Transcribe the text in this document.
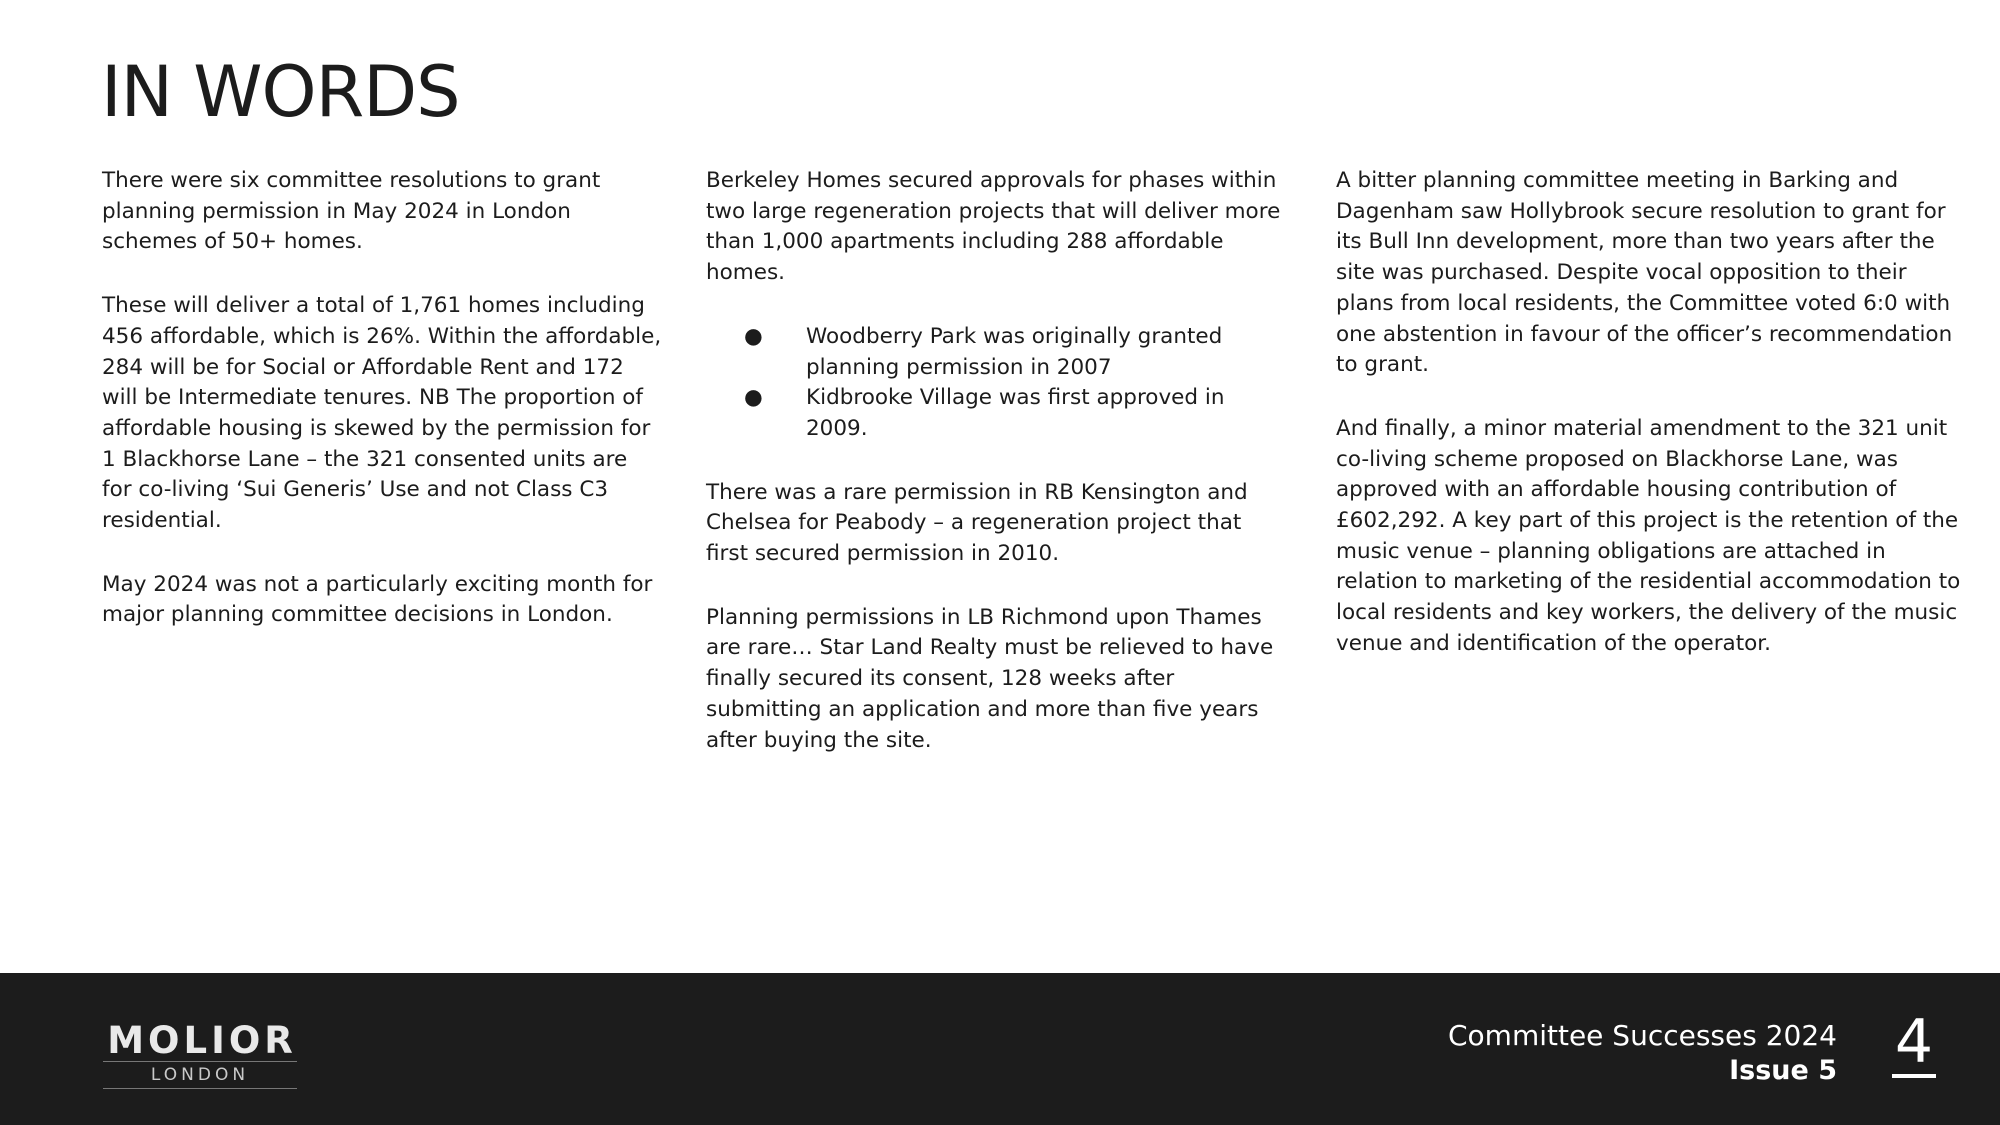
IN WORDS

There were six committee resolutions to grant planning permission in May 2024 in London schemes of 50+ homes.

These will deliver a total of 1,761 homes including 456 affordable, which is 26%. Within the affordable, 284 will be for Social or Affordable Rent and 172 will be Intermediate tenures. NB The proportion of affordable housing is skewed by the permission for 1 Blackhorse Lane – the 321 consented units are for co-living ‘Sui Generis’ Use and not Class C3 residential.

May 2024 was not a particularly exciting month for major planning committee decisions in London.

Berkeley Homes secured approvals for phases within two large regeneration projects that will deliver more than 1,000 apartments including 288 affordable homes.

● Woodberry Park was originally granted planning permission in 2007
● Kidbrooke Village was first approved in 2009.

There was a rare permission in RB Kensington and Chelsea for Peabody – a regeneration project that first secured permission in 2010.

Planning permissions in LB Richmond upon Thames are rare… Star Land Realty must be relieved to have finally secured its consent, 128 weeks after submitting an application and more than five years after buying the site.

A bitter planning committee meeting in Barking and Dagenham saw Hollybrook secure resolution to grant for its Bull Inn development, more than two years after the site was purchased. Despite vocal opposition to their plans from local residents, the Committee voted 6:0 with one abstention in favour of the officer’s recommendation to grant.

And finally, a minor material amendment to the 321 unit co-living scheme proposed on Blackhorse Lane, was approved with an affordable housing contribution of £602,292. A key part of this project is the retention of the music venue – planning obligations are attached in relation to marketing of the residential accommodation to local residents and key workers, the delivery of the music venue and identification of the operator.

MOLIOR
LONDON
Committee Successes 2024
Issue 5 4
